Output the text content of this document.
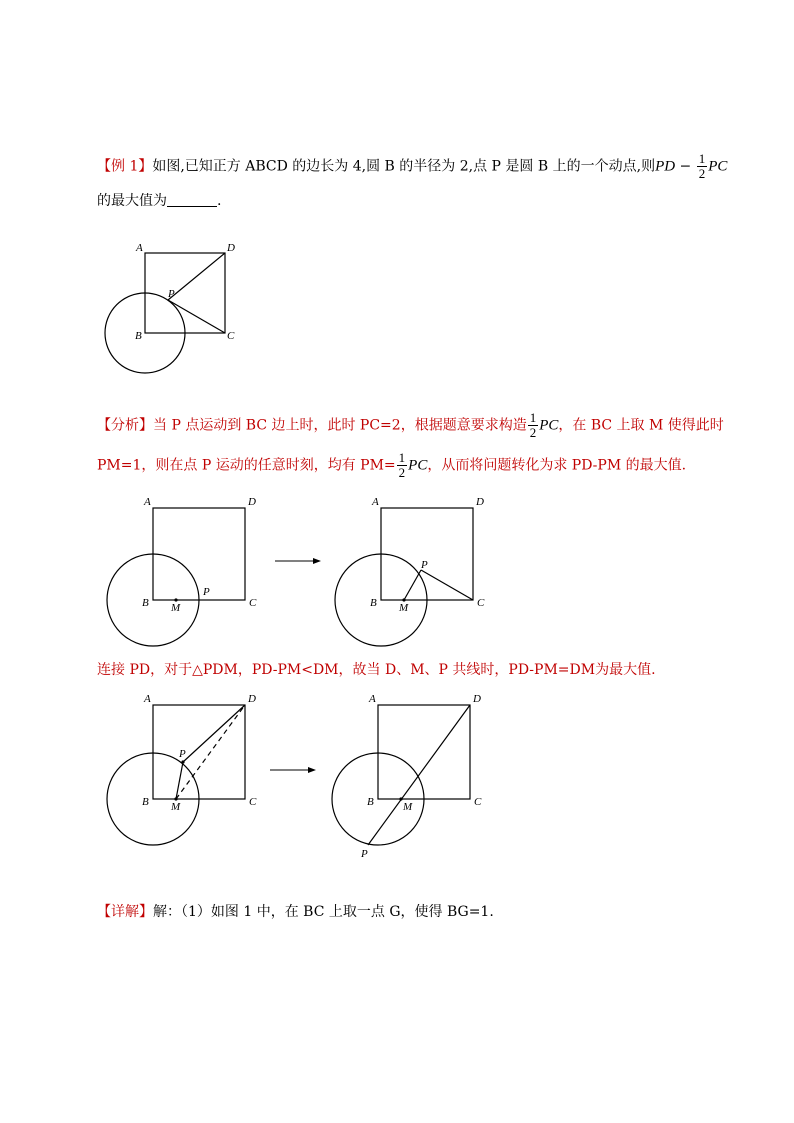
【例 1】如图,已知正方 ABCD 的边长为 4,圆 B 的半径为 2,点 P 是圆 B 上的一个动点,则PD − $\frac{1}{2}$ PC
的最大值为	.
A	D
B	C
P
【分析】当 P 点运动到 BC 边上时，此时 PC=2，根据题意要求构造 $\frac{1}{2}$ PC，在 BC 上取 M 使得此时
PM=1，则在点 P 运动的任意时刻，均有 $PM= \frac{1}{2}$ PC，从而将问题转化为求 PD-PM 的最大值.
A	D
B	C
P
M
A	D
B	C
P
M
连接 PD，对于△PDM，PD-PM<DM，故当 D、M、P 共线时，PD-PM=DM为最大值.
A	D
B	C
P
M
A	D
B	C
M
P
【详解】解：（1）如图 1 中，在 BC 上取一点 G，使得 BG=1.
